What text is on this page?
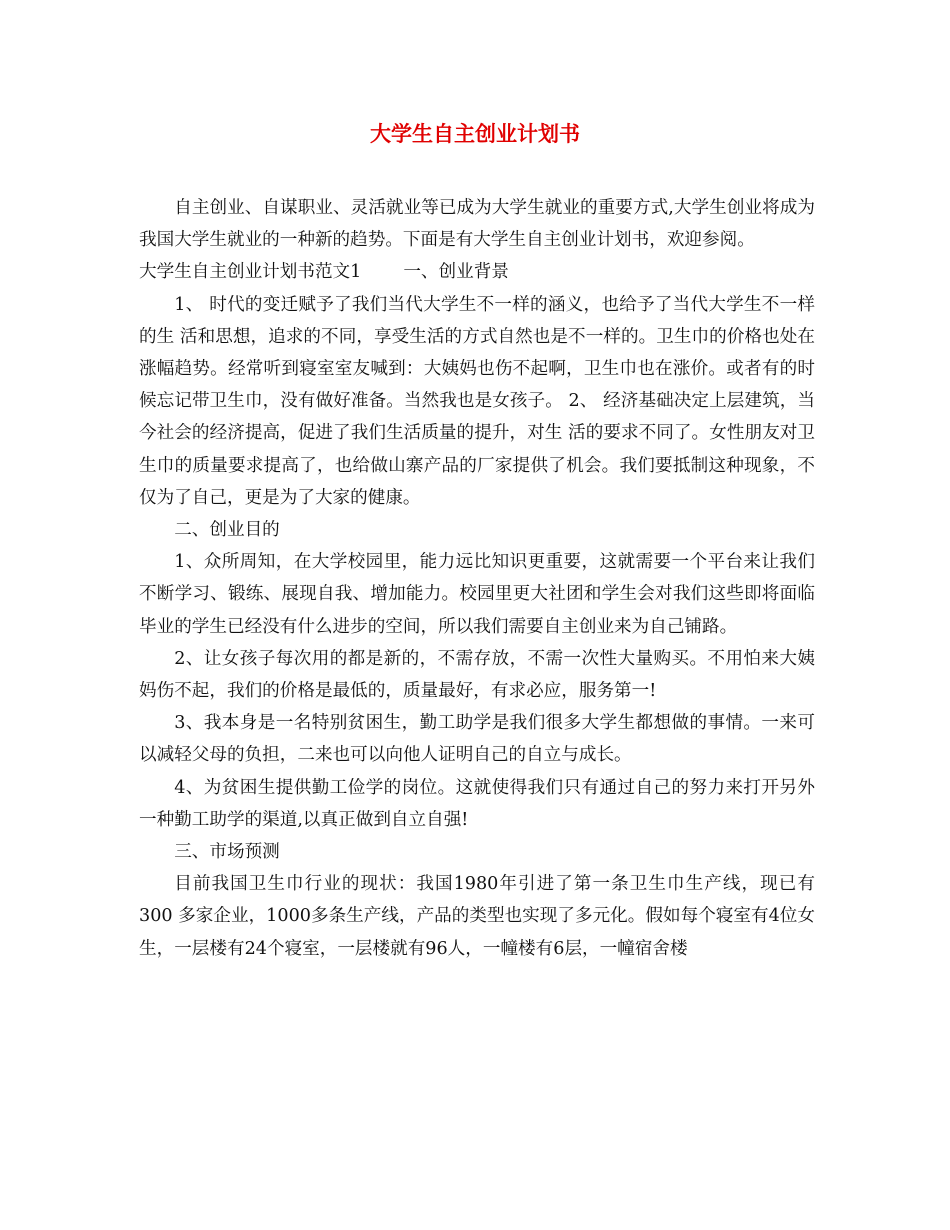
大学生自主创业计划书

自主创业、自谋职业、灵活就业等已成为大学生就业的重要方式,大学生创业将成为我国大学生就业的一种新的趋势。下面是有大学生自主创业计划书，欢迎参阅。

大学生自主创业计划书范文1 一、创业背景

1、 时代的变迁赋予了我们当代大学生不一样的涵义，也给予了当代大学生不一样的生 活和思想，追求的不同，享受生活的方式自然也是不一样的。卫生巾的价格也处在涨幅趋势。经常听到寝室室友喊到：大姨妈也伤不起啊，卫生巾也在涨价。或者有的时候忘记带卫生巾，没有做好准备。当然我也是女孩子。 2、 经济基础决定上层建筑，当今社会的经济提高，促进了我们生活质量的提升，对生 活的要求不同了。女性朋友对卫生巾的质量要求提高了，也给做山寨产品的厂家提供了机会。我们要抵制这种现象，不仅为了自己，更是为了大家的健康。

二、创业目的

1、众所周知，在大学校园里，能力远比知识更重要，这就需要一个平台来让我们不断学习、锻练、展现自我、增加能力。校园里更大社团和学生会对我们这些即将面临毕业的学生已经没有什么进步的空间，所以我们需要自主创业来为自己铺路。

2、让女孩子每次用的都是新的，不需存放，不需一次性大量购买。不用怕来大姨妈伤不起，我们的价格是最低的，质量最好，有求必应，服务第一!

3、我本身是一名特别贫困生，勤工助学是我们很多大学生都想做的事情。一来可以减轻父母的负担，二来也可以向他人证明自己的自立与成长。

4、为贫困生提供勤工俭学的岗位。这就使得我们只有通过自己的努力来打开另外一种勤工助学的渠道,以真正做到自立自强!

三、市场预测

目前我国卫生巾行业的现状：我国1980年引进了第一条卫生巾生产线，现已有300 多家企业，1000多条生产线，产品的类型也实现了多元化。假如每个寝室有4位女生，一层楼有24个寝室，一层楼就有96人，一幢楼有6层，一幢宿舍楼
